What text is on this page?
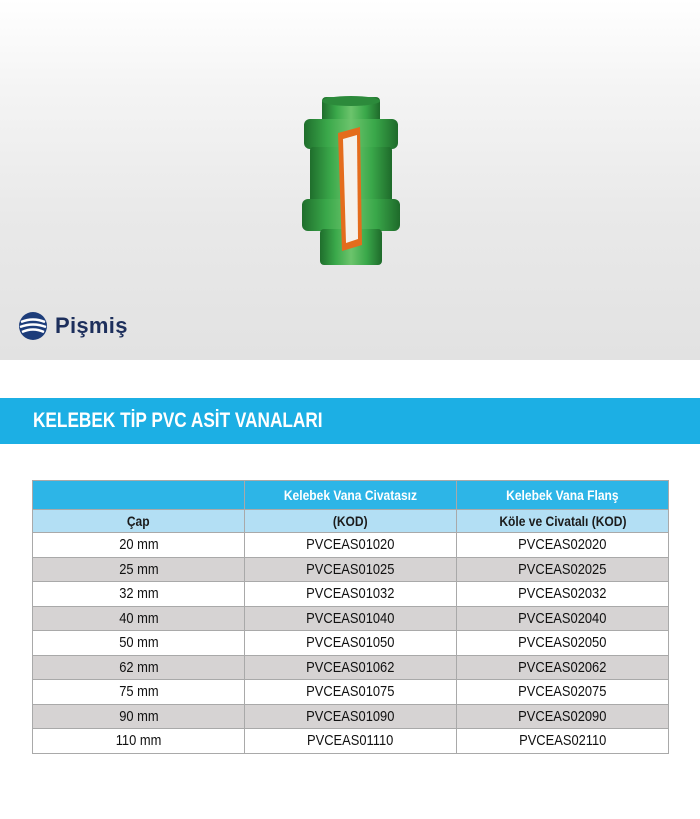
Pişmiş
KELEBEK TİP PVC ASİT VANALARI
	Kelebek Vana Civatasız	Kelebek Vana Flanş
Çap	(KOD)	Köle ve Civatalı (KOD)
20 mm	PVCEAS01020	PVCEAS02020
25 mm	PVCEAS01025	PVCEAS02025
32 mm	PVCEAS01032	PVCEAS02032
40 mm	PVCEAS01040	PVCEAS02040
50 mm	PVCEAS01050	PVCEAS02050
62 mm	PVCEAS01062	PVCEAS02062
75 mm	PVCEAS01075	PVCEAS02075
90 mm	PVCEAS01090	PVCEAS02090
110 mm	PVCEAS01110	PVCEAS02110
